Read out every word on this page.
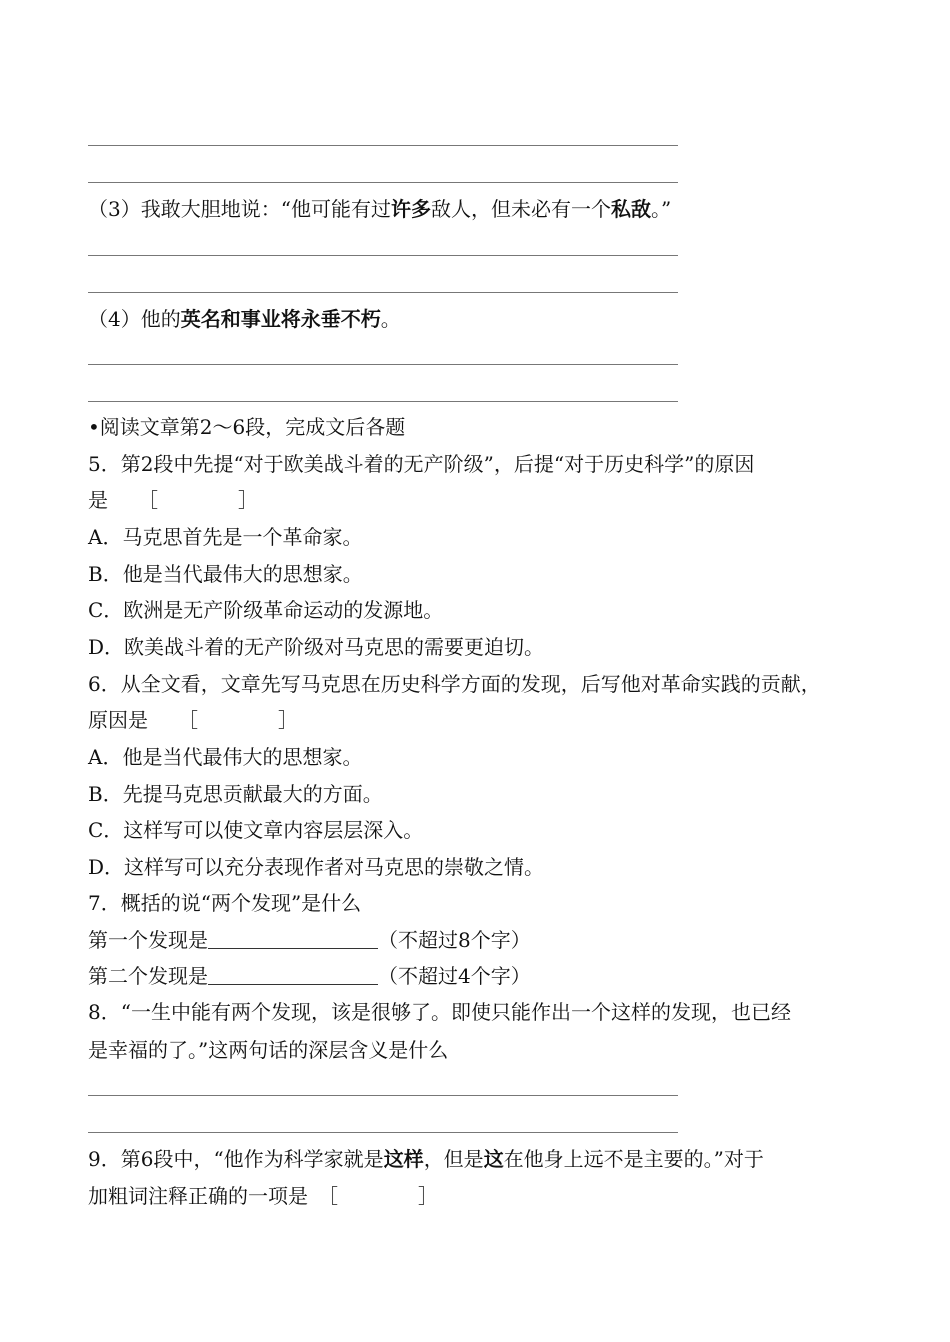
（3）我敢大胆地说：“他可能有过许多敌人，但未必有一个私敌。”
（4）他的英名和事业将永垂不朽。
•阅读文章第2～6段，完成文后各题
5．第2段中先提“对于欧美战斗着的无产阶级”，后提“对于历史科学”的原因
是　　［　　　　］
A．马克思首先是一个革命家。
B．他是当代最伟大的思想家。
C．欧洲是无产阶级革命运动的发源地。
D．欧美战斗着的无产阶级对马克思的需要更迫切。
6．从全文看，文章先写马克思在历史科学方面的发现，后写他对革命实践的贡献，
原因是　　［　　　　］
A．他是当代最伟大的思想家。
B．先提马克思贡献最大的方面。
C．这样写可以使文章内容层层深入。
D．这样写可以充分表现作者对马克思的崇敬之情。
7．概括的说“两个发现”是什么
第一个发现是	（不超过8个字）
第二个发现是	（不超过4个字）
8．“一生中能有两个发现，该是很够了。即使只能作出一个这样的发现，也已经
是幸福的了。”这两句话的深层含义是什么
9．第6段中，“他作为科学家就是这样，但是这在他身上远不是主要的。”对于
加粗词注释正确的一项是　［　　　　］
